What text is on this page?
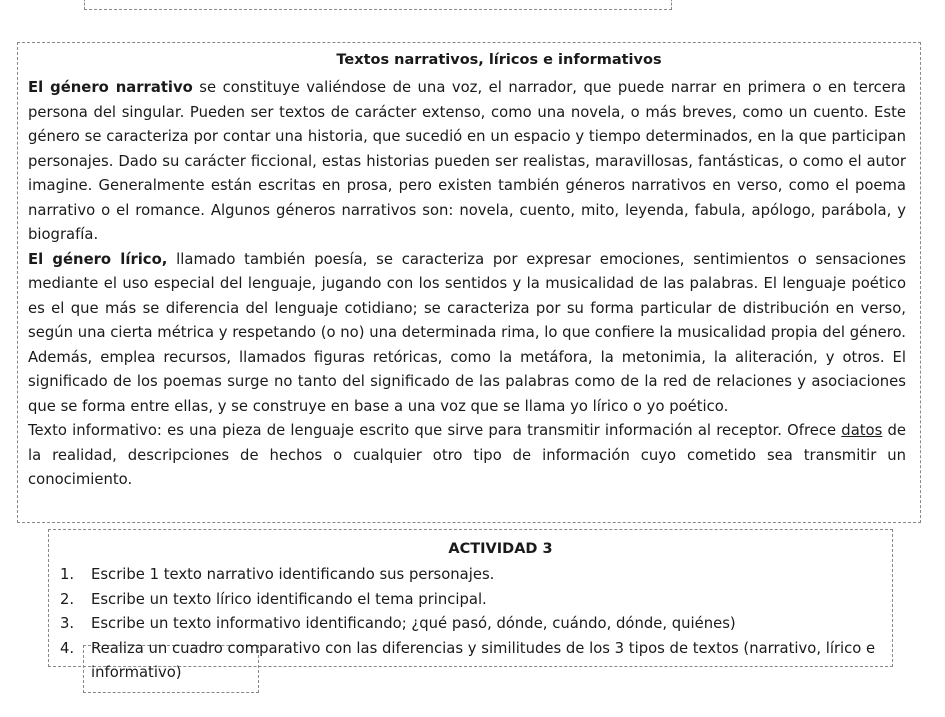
Textos narrativos, líricos e informativos

El género narrativo se constituye valiéndose de una voz, el narrador, que puede narrar en primera o en tercera persona del singular. Pueden ser textos de carácter extenso, como una novela, o más breves, como un cuento. Este género se caracteriza por contar una historia, que sucedió en un espacio y tiempo determinados, en la que participan personajes. Dado su carácter ficcional, estas historias pueden ser realistas, maravillosas, fantásticas, o como el autor imagine. Generalmente están escritas en prosa, pero existen también géneros narrativos en verso, como el poema narrativo o el romance. Algunos géneros narrativos son: novela, cuento, mito, leyenda, fabula, apólogo, parábola, y biografía.

El género lírico, llamado también poesía, se caracteriza por expresar emociones, sentimientos o sensaciones mediante el uso especial del lenguaje, jugando con los sentidos y la musicalidad de las palabras. El lenguaje poético es el que más se diferencia del lenguaje cotidiano; se caracteriza por su forma particular de distribución en verso, según una cierta métrica y respetando (o no) una determinada rima, lo que confiere la musicalidad propia del género. Además, emplea recursos, llamados figuras retóricas, como la metáfora, la metonimia, la aliteración, y otros. El significado de los poemas surge no tanto del significado de las palabras como de la red de relaciones y asociaciones que se forma entre ellas, y se construye en base a una voz que se llama yo lírico o yo poético.

Texto informativo: es una pieza de lenguaje escrito que sirve para transmitir información al receptor. Ofrece datos de la realidad, descripciones de hechos o cualquier otro tipo de información cuyo cometido sea transmitir un conocimiento.

ACTIVIDAD 3
1. Escribe 1 texto narrativo identificando sus personajes.
2. Escribe un texto lírico identificando el tema principal.
3. Escribe un texto informativo identificando; ¿qué pasó, dónde, cuándo, dónde, quiénes)
4. Realiza un cuadro comparativo con las diferencias y similitudes de los 3 tipos de textos (narrativo, lírico e informativo)
